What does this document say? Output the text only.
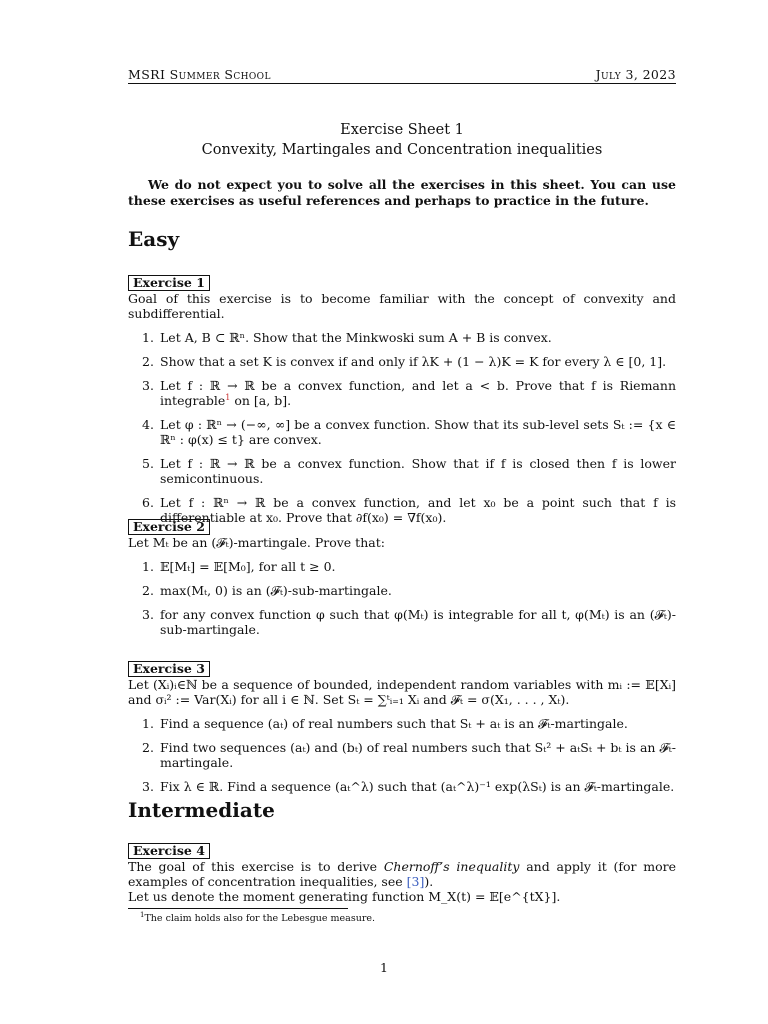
MSRI Summer School	July 3, 2023
Exercise Sheet 1
Convexity, Martingales and Concentration inequalities
We do not expect you to solve all the exercises in this sheet. You can use these exercises as useful references and perhaps to practice in the future.
Easy
Exercise 1
Goal of this exercise is to become familiar with the concept of convexity and subdifferential.
1. Let A, B ⊂ ℝⁿ. Show that the Minkwoski sum A + B is convex.
2. Show that a set K is convex if and only if λK + (1 − λ)K = K for every λ ∈ [0, 1].
3. Let f : ℝ → ℝ be a convex function, and let a < b. Prove that f is Riemann integrable$^1$ on [a, b].
4. Let φ : ℝⁿ → (−∞, ∞] be a convex function. Show that its sub-level sets Sₜ := {x ∈ ℝⁿ : φ(x) ≤ t} are convex.
5. Let f : ℝ → ℝ be a convex function. Show that if f is closed then f is lower semicontinuous.
6. Let f : ℝⁿ → ℝ be a convex function, and let x₀ be a point such that f is differentiable at x₀. Prove that ∂f(x₀) = ∇f(x₀).
Exercise 2
Let Mₜ be an (𝓕ₜ)-martingale. Prove that:
1. 𝔼[Mₜ] = 𝔼[M₀], for all t ≥ 0.
2. max(Mₜ, 0) is an (𝓕ₜ)-sub-martingale.
3. for any convex function φ such that φ(Mₜ) is integrable for all t, φ(Mₜ) is an (𝓕ₜ)-sub-martingale.
Exercise 3
Let (Xᵢ)ᵢ∈ℕ be a sequence of bounded, independent random variables with mᵢ := 𝔼[Xᵢ] and σᵢ² := Var(Xᵢ) for all i ∈ ℕ. Set Sₜ = ∑ᵗᵢ₌₁ Xᵢ and 𝓕ₜ = σ(X₁, . . . , Xₜ).
1. Find a sequence (aₜ) of real numbers such that Sₜ + aₜ is an 𝓕ₜ-martingale.
2. Find two sequences (aₜ) and (bₜ) of real numbers such that Sₜ² + aₜSₜ + bₜ is an 𝓕ₜ-martingale.
3. Fix λ ∈ ℝ. Find a sequence (aₜ^λ) such that (aₜ^λ)⁻¹ exp(λSₜ) is an 𝓕ₜ-martingale.
Intermediate
Exercise 4
The goal of this exercise is to derive Chernoff’s inequality and apply it (for more examples of concentration inequalities, see [3]).
Let us denote the moment generating function M_X(t) = 𝔼[e^{tX}].
$^1$The claim holds also for the Lebesgue measure.
1
